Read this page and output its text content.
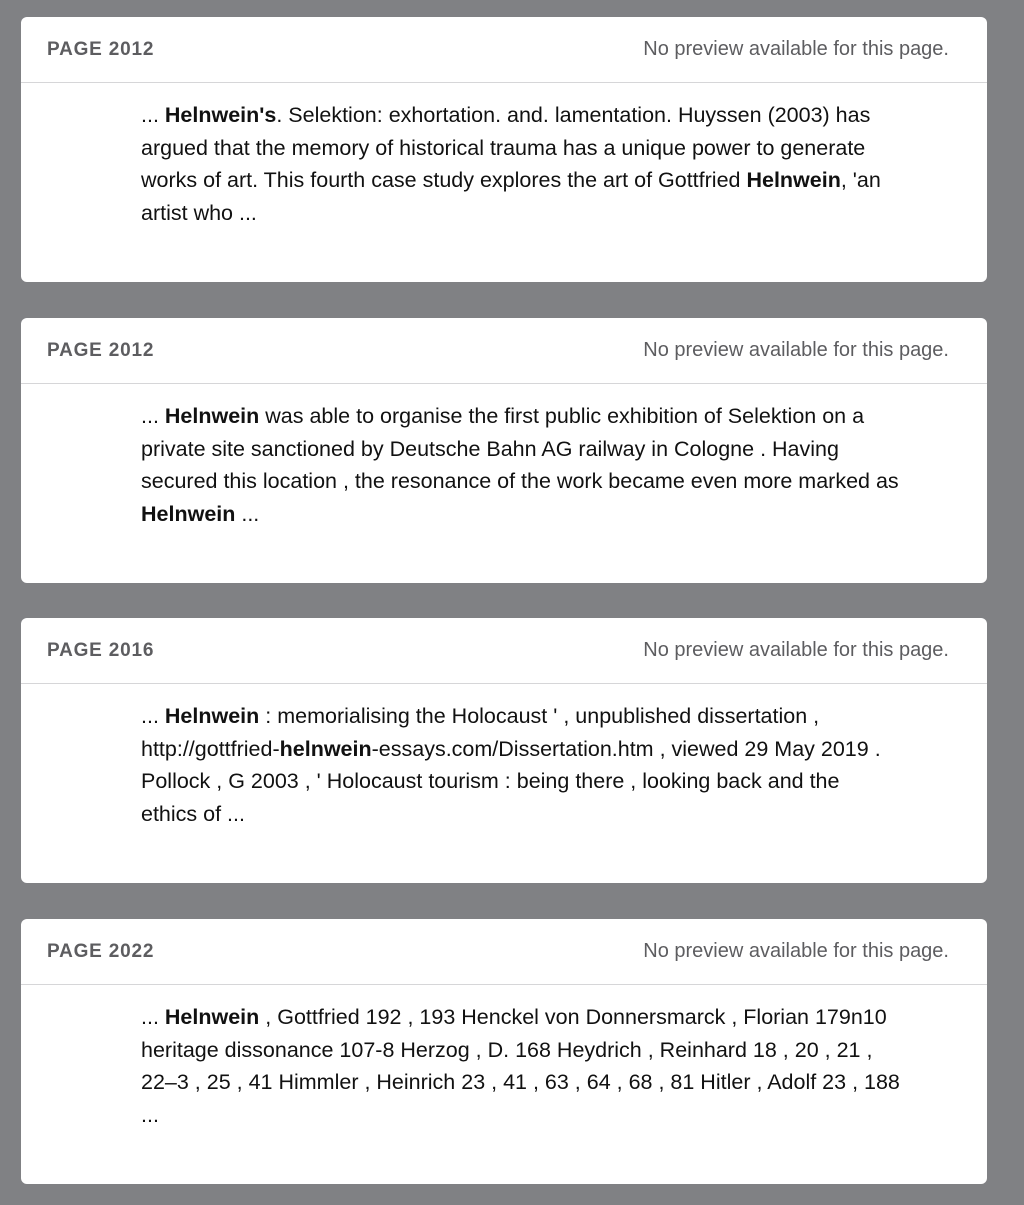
PAGE 2012	No preview available for this page.
... Helnwein's. Selektion: exhortation. and. lamentation. Huyssen (2003) has argued that the memory of historical trauma has a unique power to generate works of art. This fourth case study explores the art of Gottfried Helnwein, 'an artist who ...
PAGE 2012	No preview available for this page.
... Helnwein was able to organise the first public exhibition of Selektion on a private site sanctioned by Deutsche Bahn AG railway in Cologne . Having secured this location , the resonance of the work became even more marked as Helnwein ...
PAGE 2016	No preview available for this page.
... Helnwein : memorialising the Holocaust ' , unpublished dissertation , http://gottfried-helnwein-essays.com/Dissertation.htm , viewed 29 May 2019 . Pollock , G 2003 , ' Holocaust tourism : being there , looking back and the ethics of ...
PAGE 2022	No preview available for this page.
... Helnwein , Gottfried 192 , 193 Henckel von Donnersmarck , Florian 179n10 heritage dissonance 107-8 Herzog , D. 168 Heydrich , Reinhard 18 , 20 , 21 , 22–3 , 25 , 41 Himmler , Heinrich 23 , 41 , 63 , 64 , 68 , 81 Hitler , Adolf 23 , 188 ...
